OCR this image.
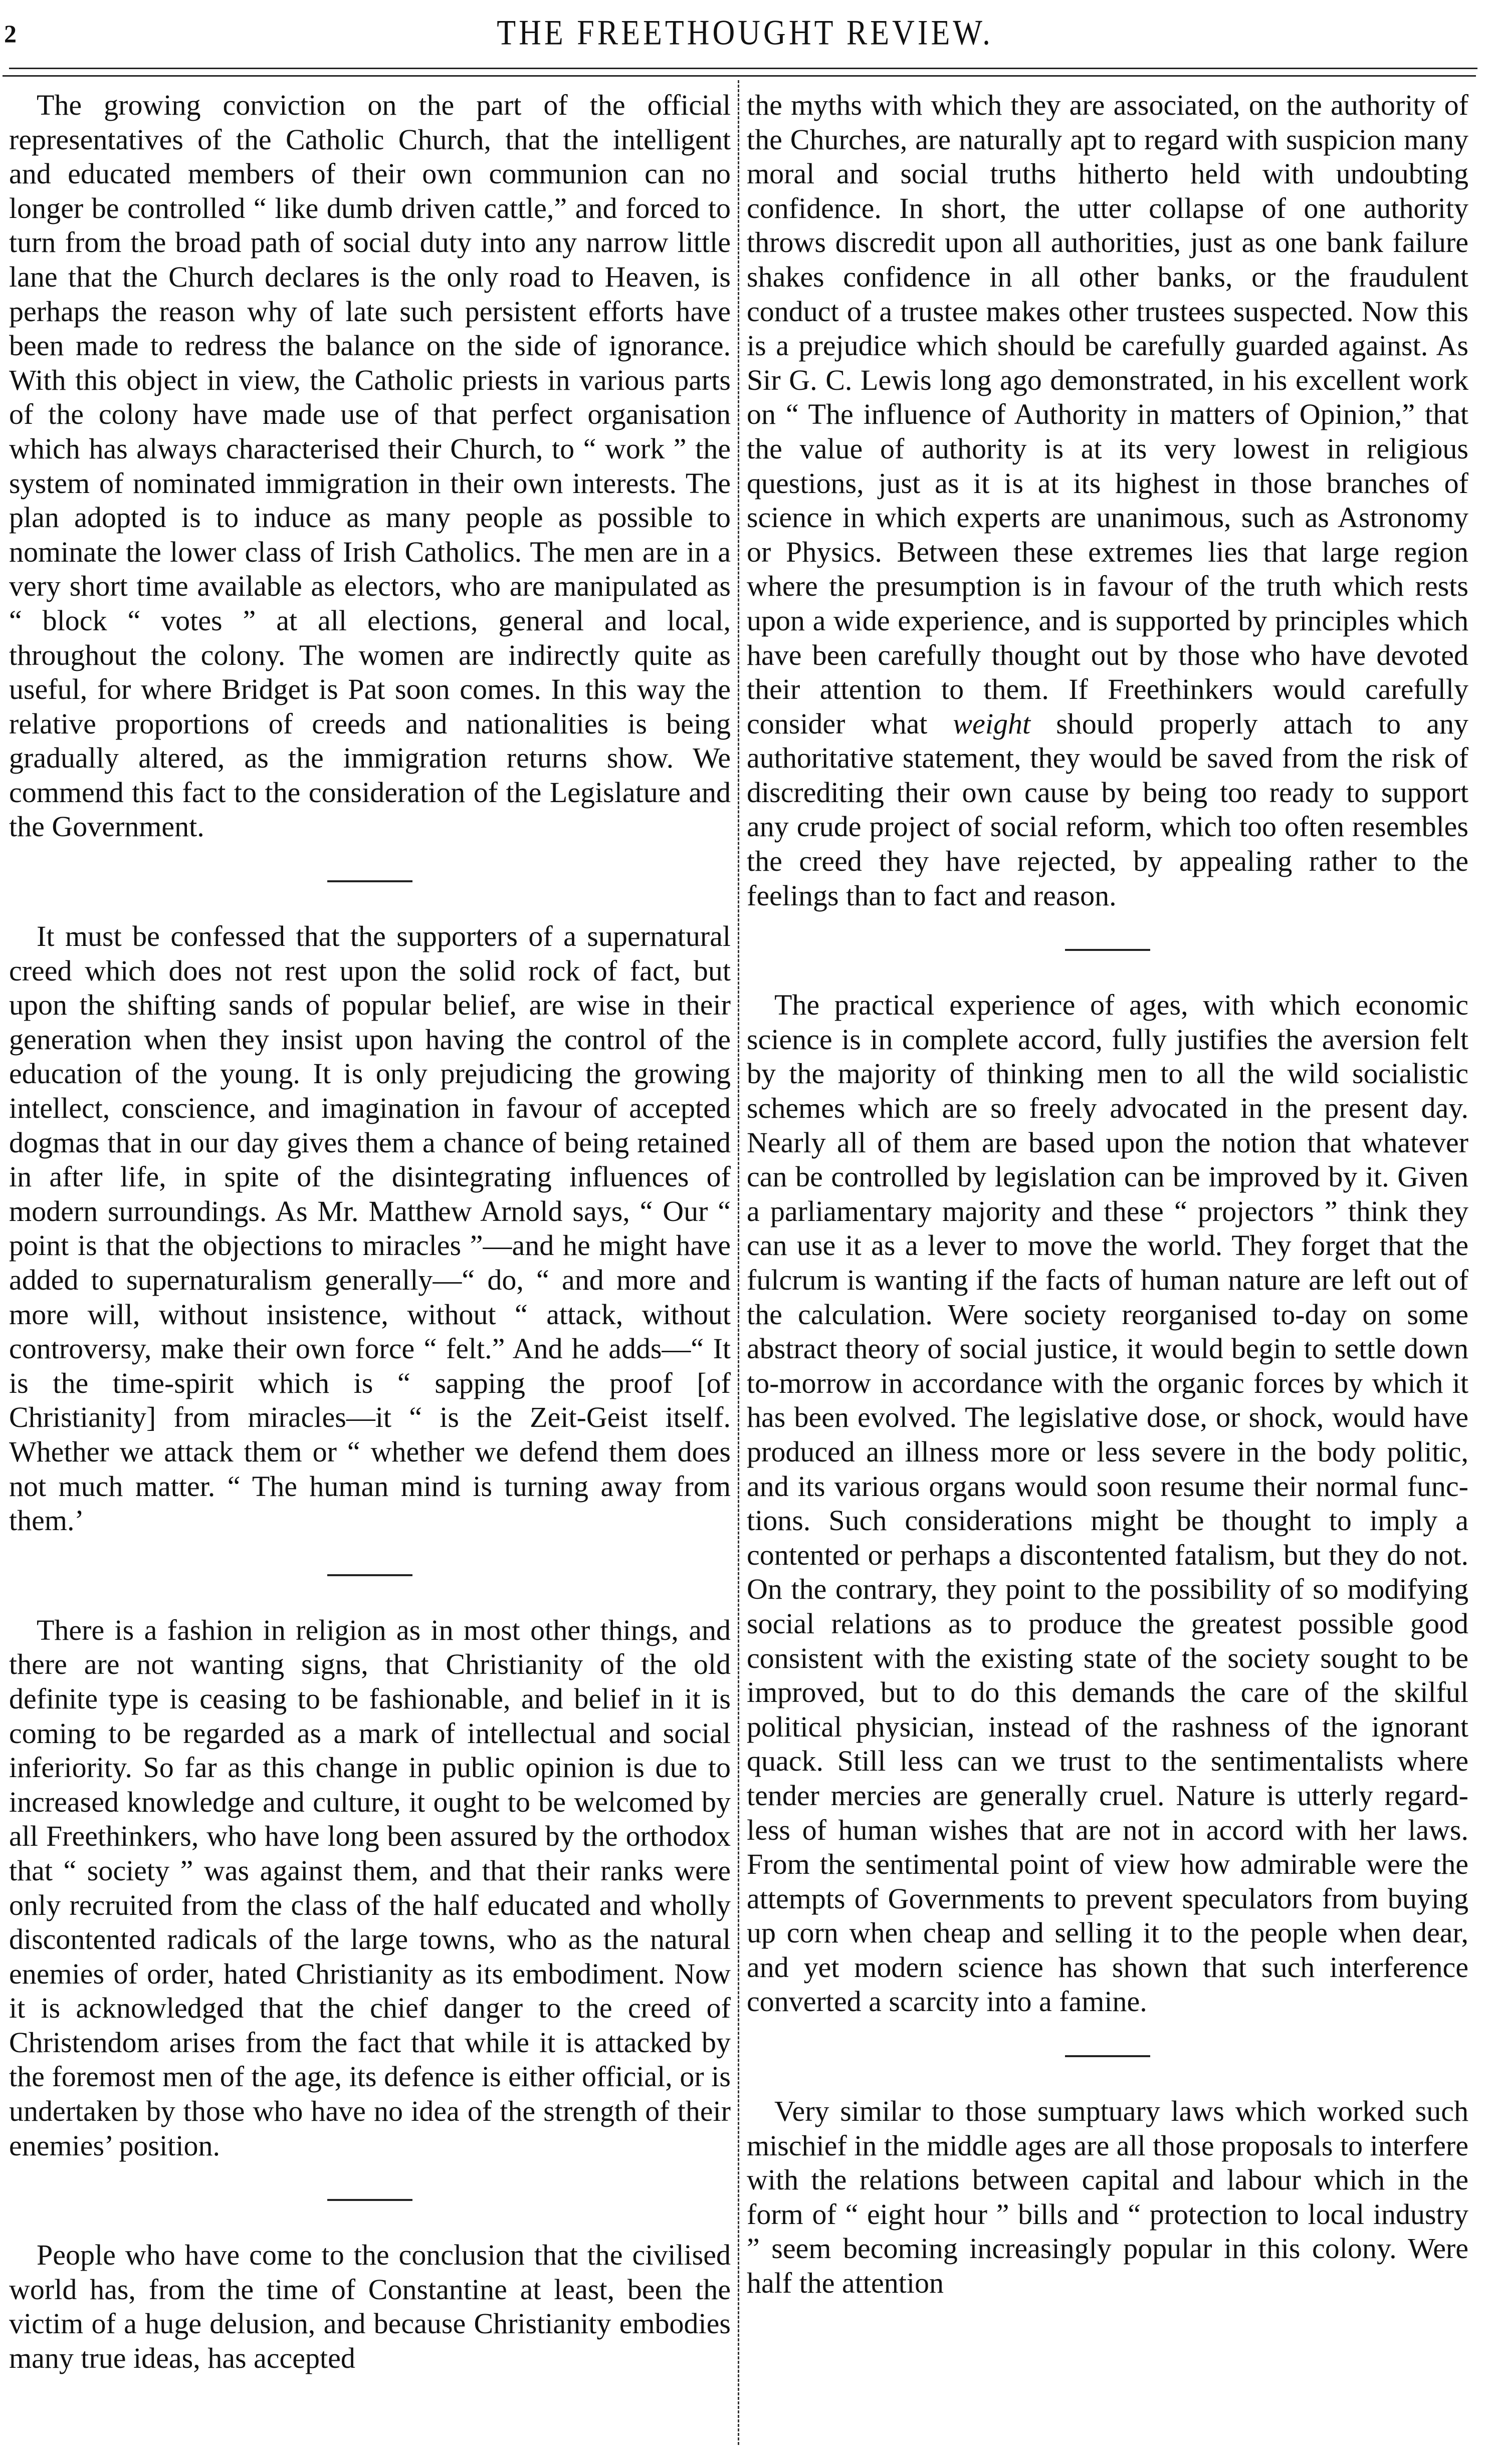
2	THE FREETHOUGHT REVIEW.

The growing conviction on the part of the official representatives of the Catholic Church, that the intelligent and educated members of their own communion can no longer be controlled “ like dumb driven cattle,” and forced to turn from the broad path of social duty into any narrow little lane that the Church declares is the only road to Heaven, is perhaps the reason why of late such persistent efforts have been made to redress the balance on the side of ignorance. With this object in view, the Catholic priests in various parts of the colony have made use of that perfect organisation which has always characterised their Church, to “ work ” the system of nominated immigration in their own interests. The plan adopted is to induce as many people as possible to nominate the lower class of Irish Catholics. The men are in a very short time available as electors, who are manipulated as “ block “ votes ” at all elections, general and local, throughout the colony. The women are indirectly quite as useful, for where Bridget is Pat soon comes. In this way the relative proportions of creeds and nationalities is being gradually altered, as the immigration returns show. We commend this fact to the consideration of the Legislature and the Government.

It must be confessed that the supporters of a supernatural creed which does not rest upon the solid rock of fact, but upon the shifting sands of popular belief, are wise in their generation when they insist upon having the control of the education of the young. It is only prejudicing the growing intellect, conscience, and imagination in favour of accepted dogmas that in our day gives them a chance of being retained in after life, in spite of the disintegrating influences of modern surroundings. As Mr. Matthew Arnold says, “ Our “ point is that the objections to miracles ”—and he might have added to supernaturalism generally—“ do, “ and more and more will, without insistence, without “ attack, without controversy, make their own force “ felt.” And he adds—“ It is the time-spirit which is “ sapping the proof [of Christianity] from miracles—it “ is the Zeit-Geist itself. Whether we attack them or “ whether we defend them does not much matter. “ The human mind is turning away from them.’

There is a fashion in religion as in most other things, and there are not wanting signs, that Christianity of the old definite type is ceasing to be fashionable, and belief in it is coming to be regarded as a mark of intellectual and social inferiority. So far as this change in public opinion is due to increased knowledge and culture, it ought to be welcomed by all Freethinkers, who have long been assured by the orthodox that “ society ” was against them, and that their ranks were only recruited from the class of the half educated and wholly discontented radicals of the large towns, who as the natural enemies of order, hated Christianity as its embodiment. Now it is acknowledged that the chief danger to the creed of Christendom arises from the fact that while it is attacked by the foremost men of the age, its defence is either official, or is undertaken by those who have no idea of the strength of their enemies’ position.

People who have come to the conclusion that the civilised world has, from the time of Constantine at least, been the victim of a huge delusion, and because Christianity embodies many true ideas, has accepted

the myths with which they are associated, on the authority of the Churches, are naturally apt to regard with suspicion many moral and social truths hitherto held with undoubting confidence. In short, the utter collapse of one authority throws discredit upon all authorities, just as one bank failure shakes confidence in all other banks, or the fraudulent conduct of a trustee makes other trustees suspected. Now this is a prejudice which should be carefully guarded against. As Sir G. C. Lewis long ago demonstrated, in his excellent work on “ The influence of Authority in matters of Opinion,” that the value of authority is at its very lowest in religious questions, just as it is at its highest in those branches of science in which experts are unanimous, such as Astronomy or Physics. Between these extremes lies that large region where the presumption is in favour of the truth which rests upon a wide experience, and is supported by principles which have been carefully thought out by those who have devoted their attention to them. If Freethinkers would carefully consider what weight should properly attach to any authoritative statement, they would be saved from the risk of discrediting their own cause by being too ready to support any crude project of social reform, which too often resembles the creed they have rejected, by appealing rather to the feelings than to fact and reason.

The practical experience of ages, with which economic science is in complete accord, fully justifies the aversion felt by the majority of thinking men to all the wild socialistic schemes which are so freely advocated in the present day. Nearly all of them are based upon the notion that whatever can be controlled by legislation can be improved by it. Given a parliamentary majority and these “ projectors ” think they can use it as a lever to move the world. They forget that the fulcrum is wanting if the facts of human nature are left out of the calculation. Were society reorganised to-day on some abstract theory of social justice, it would begin to settle down to-morrow in accordance with the organic forces by which it has been evolved. The legislative dose, or shock, would have produced an illness more or less severe in the body politic, and its various organs would soon resume their normal functions. Such considerations might be thought to imply a contented or perhaps a discontented fatalism, but they do not. On the contrary, they point to the possibility of so modifying social relations as to produce the greatest possible good consistent with the existing state of the society sought to be improved, but to do this demands the care of the skilful political physician, instead of the rashness of the ignorant quack. Still less can we trust to the sentimentalists where tender mercies are generally cruel. Nature is utterly regardless of human wishes that are not in accord with her laws. From the sentimental point of view how admirable were the attempts of Governments to prevent speculators from buying up corn when cheap and selling it to the people when dear, and yet modern science has shown that such interference converted a scarcity into a famine.

Very similar to those sumptuary laws which worked such mischief in the middle ages are all those proposals to interfere with the relations between capital and labour which in the form of “ eight hour ” bills and “ protection to local industry ” seem becoming increasingly popular in this colony. Were half the attention
